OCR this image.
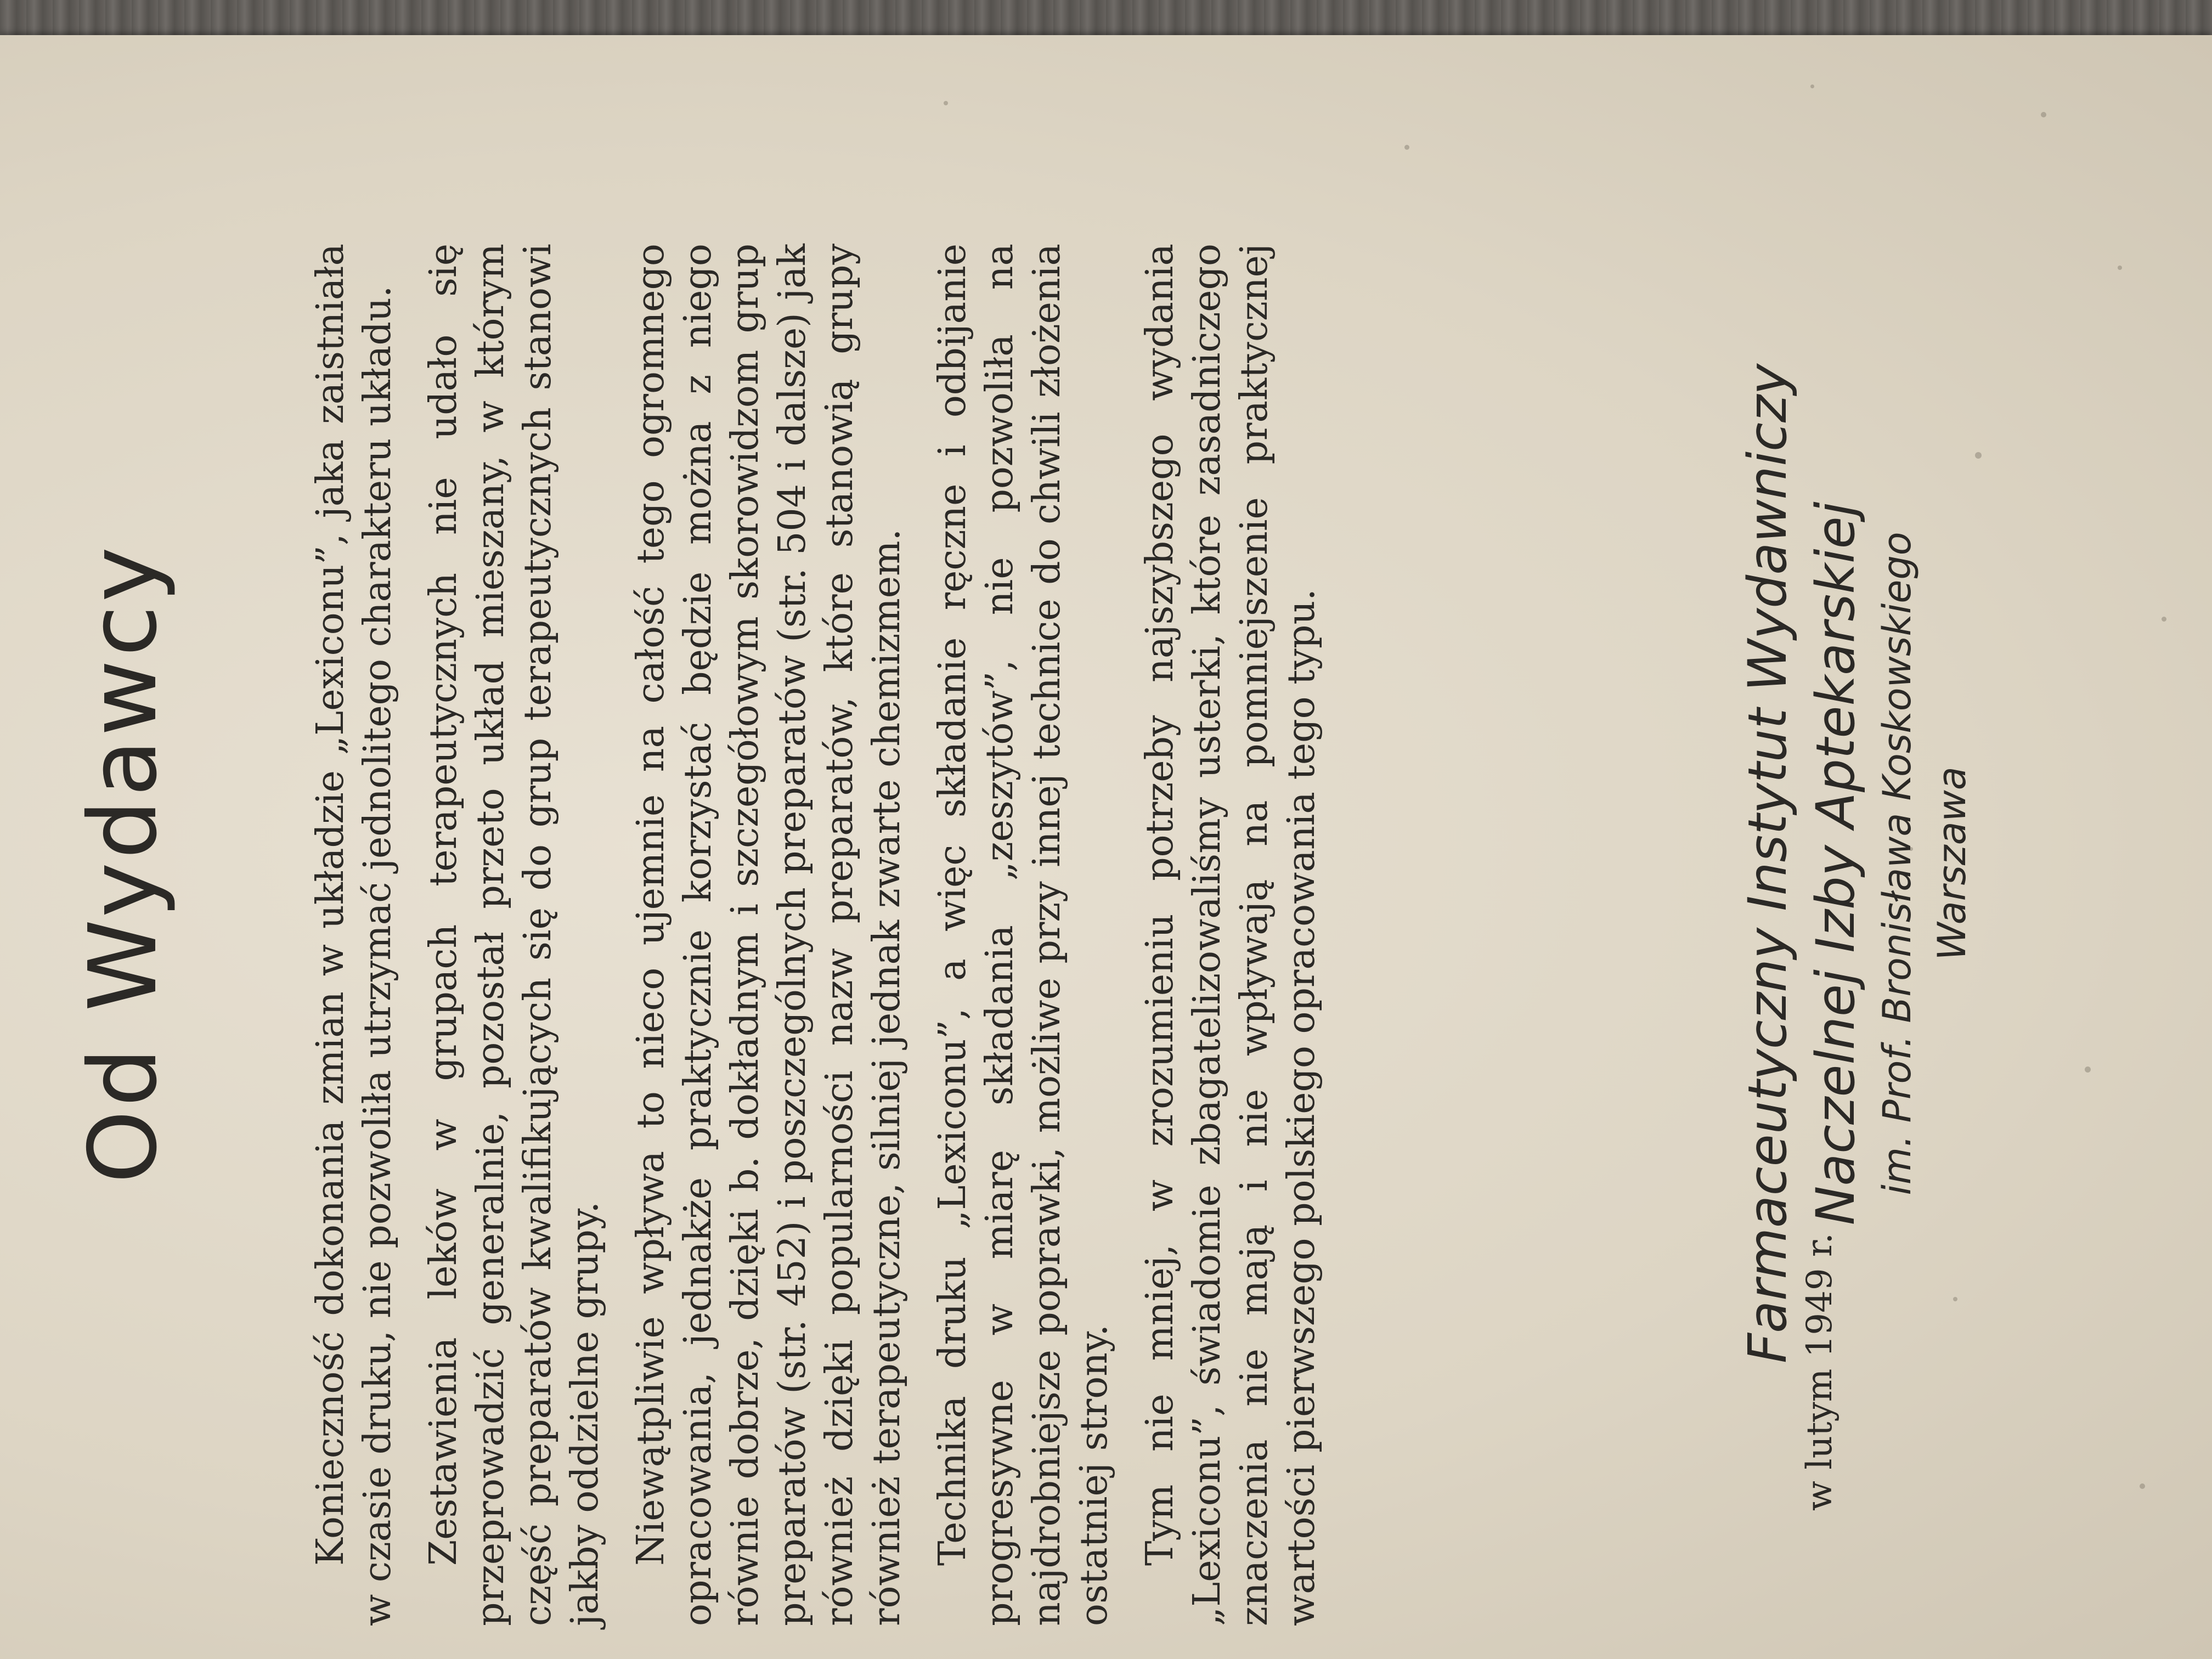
Od Wydawcy	Konieczność dokonania zmian w układzie „Lexiconu”, jaka zaistniała w czasie druku, nie pozwoliła utrzymać jednolitego charakteru układu. Zestawienia leków w grupach terapeutycznych nie udało się przeprowadzić generalnie, pozostał przeto układ mieszany, w którym część preparatów kwalifikujących się do grup terapeutycznych stanowi jakby oddzielne grupy. Niewątpliwie wpływa to nieco ujemnie na całość tego ogromnego opracowania, jednakże praktycznie korzystać będzie można z niego równie dobrze, dzięki b. dokładnym i szczegółowym skorowidzom grup preparatów (str. 452) i poszczególnych preparatów (str. 504 i dalsze) jak również dzięki popularności nazw preparatów, które stanowią grupy również terapeutyczne, silniej jednak zwarte chemizmem. Technika druku „Lexiconu”, a więc składanie ręczne i odbijanie progresywne w miarę składania „zeszytów”, nie pozwoliła na najdrobniejsze poprawki, możliwe przy innej technice do chwili złożenia ostatniej strony. Tym nie mniej, w zrozumieniu potrzeby najszybszego wydania „Lexiconu”, świadomie zbagatelizowaliśmy usterki, które zasadniczego znaczenia nie mają i nie wpływają na pomniejszenie praktycznej wartości pierwszego polskiego opracowania tego typu.	Farmaceutyczny Instytut Wydawniczy Naczelnej Izby Aptekarskiej im. Prof. Bronisława Koskowskiego Warszawa
w lutym 1949 r.
